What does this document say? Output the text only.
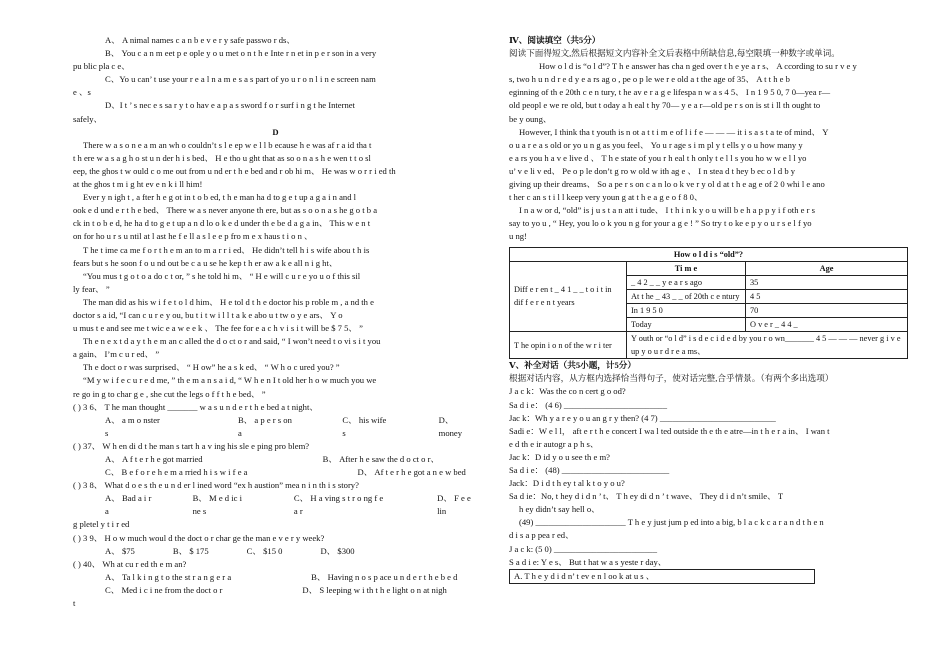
A、 A nimal names c a n b e v e r y safe passwo r ds、

B、 You c a n m eet p e ople y o u met o n t h e Inte r n et in p e r son in a very

pu blic pla c e、

C、Yo u can’ t use your r e a l n a m e s a s part of yo u r o n l i n e screen nam

e 、s

D、I t ’ s nec e s sa r y t o hav e a p a s sword f o r surf i n g t he Internet

safely、

D

There w a s o n e a m an wh o couldn’t s l e ep w e l l b ecause h e was af r a id tha t

t h ere w a s a g h o st u n der h i s bed、 H e tho u ght that as so o n a s h e wen t t o sl

eep, the ghos t w ould c o me out from u nd er t h e bed and r ob hi m、 He was w o r r i ed th

at the ghos t m i g ht ev e n k i ll him!

Ever y n igh t , a fter h e g ot in t o b ed, t h e man ha d to g e t up a g a i n and l

ook e d und e r t h e bed、 There w a s never anyone th ere, but as s o o n a s he g o t b a

ck in t o b e d, he ha d to g e t up a n d lo o k e d under th e be d a g a in、 This w e n t

on for ho u r s u ntil at l ast he f e ll a s l e e p fro m e x haus t i o n 、

T he t ime ca me f o r t h e m an to m a r r i ed、 He didn’t tell h i s wife abou t h is

fears but s he soon f o u nd out be c a u se he kep t h er aw a k e all n i g ht、

“You mus t g o t o a do c t or, ” s he told hi m、 “ H e will c u r e yo u o f this sil

ly fear、 ”

The man did as his w i f e t o l d him、 H e tol d t h e doctor his p roble m , a nd th e

doctor s a id, “I can c u r e y ou, bu t i t w i l l t a k e abo u t tw o y e ars、 Y o

u mus t e and see me t wic e a w e e k 、 The fee for e a c h v i s i t will be $ 7 5、 ”

Th e n e x t d a y t h e m an c alled the d o ct o r and said, “ I won’t need t o vi s i t you

a gain、 I’m c u r ed、 ”

Th e doct o r was surprised、 “ H ow” he a s k ed、 “ W h o c ured you? ”

“M y w i f e c u r e d me, ” th e m a n s a i d, “ W h e n I t old her h o w much you we

re go in g to char g e , she cut the legs o f f t h e bed、 ”

( ) 3 6、 T he man thought _______ w a s u n d e r t h e bed a t night、

A、 a m o nster s
B、 a p e r s on a
C、 his wife s
D、 money

( ) 37、 W h en di d t he man s tart h a v ing his sle e ping pro blem?

A、 A f t e r h e got married	B、 After h e saw the d o ct o r、
C、 B e f o r e h e m a rried h i s w i f e a	D、 Af t e r h e got a n e w bed

( ) 3 8、 What d o e s th e u n d er l ined word “ex h austion” mea n i n th i s story?

A、 Bad a i r a
B、 M e d ic i ne s
C、 H a ving s t r o ng f e a r
D、 F e e lin

g pletel y t i r ed

( ) 3 9、 H o w much woul d the doct o r char ge the man e v e r y week?

A、 $75	B、 $ 175	C、 $15 0	D、 $300

( ) 40、 Wh at cu r ed th e m an?

A、 Ta l k i n g t o the st r a n g e r a	B、 Having n o s p ace u n d e r t h e b e d
C、 Med i c i ne from the doct o r	D、 S leeping w i th t h e light o n at nigh

t

Ⅳ、阅读填空（共5分）

阅读下面得短文,然后根据短文内容补全文后表格中所缺信息,每空限填一种数字或单词。

How o l d is “o l d”? T h e answer has cha n ged over t h e ye a r s、 A ccording to su r v e y

s, two h u n d r e d y e a rs ag o , pe o p le we r e old a t the age of 35、 A t t h e b

eginning of th e 20th c e n tury, t he av e r a g e lifespa n w a s 4 5、 I n 1 9 5 0, 7 0—yea r—

old peopl e we re old, but t oday a h eal t hy 70— y e a r—old pe r s on is st i ll th ought to

be y oung、

However, I think tha t youth is n ot a t t i m e of l i f e — — — it i s a s t a te of mind、 Y

o u a r e a s old or yo u n g as you feel、 Yo u r age s i m pl y t ells y o u how many y

e a rs you h a v e live d 、 T h e state of you r h eal t h only t e l l s you ho w w e l l yo

u’ v e li v ed、 Pe o p le don’t g ro w old w ith ag e 、 I n stea d t hey b ec o l d b y

giving up their dreams、 So a pe r s on c a n lo o k ve r y ol d at t h e ag e of 2 0 whi l e ano

t her c an s t i l l keep very youn g at t h e a g e o f 8 0、

I n a w or d, “old” is j u s t a n att i tude、 I t h i n k y o u will b e h a p p y i f oth e r s

say to yo u , “ Hey, you lo o k you n g for your a g e ! ” So try t o ke e p y o u r s e l f yo

u ng!

How o l d i s “old”?		
Diff e r en t _ 4 1 _ _ t o i t in dif f e r e n t years	Ti m e	Age
	_ 4 2 _ _ y e a r s ago	35
	At t he _ 43 _ _ of 20th c e ntury	4 5
	In 1 9 5 0	70
	Today	O v e r _ 4 4 _
T he opin i o n of the w r i ter	Y outh or “o l d” i s d e c i d e d by you r o wn_______ 4 5 — — — never g i v e up y o u r d r e a ms、	

Ⅴ、补全对话（共5小题，计5分）

根据对话内容，从方框内选择恰当得句子，使对话完整,合乎情景。（有两个多出选项）

J a c k：Was the co n cert g o od?

Sa d i e： (4 6) ________________________

Jac k：Wh y a r e y o u an g r y then? (4 7) ___________________________

Sadi e：W e l l， aft e r t h e concert I wa l ted outside th e th e atre—in t h e r a in、 I wan t

e d th e ir autogr a p h s、

Jac k：D id y o u see th e m?

Sa d i e： (48) _________________________

Jack：D i d t h ey t al k t o y o u?

Sa d ie：No, t hey d i d n ’ t、 T h ey di d n ’ t wave、 They d i d n’t smile、 T

h ey didn’t say hell o、

(49) _____________________ T h e y just jum p ed into a big, b l a c k c a r a n d t h e n

d i s a p pea r ed、

J a c k: (5 0) ________________________

S a d i e: Y e s、 But t hat w a s yeste r day、

A. T h e y d i d n’ t ev e n l oo k at u s 、
